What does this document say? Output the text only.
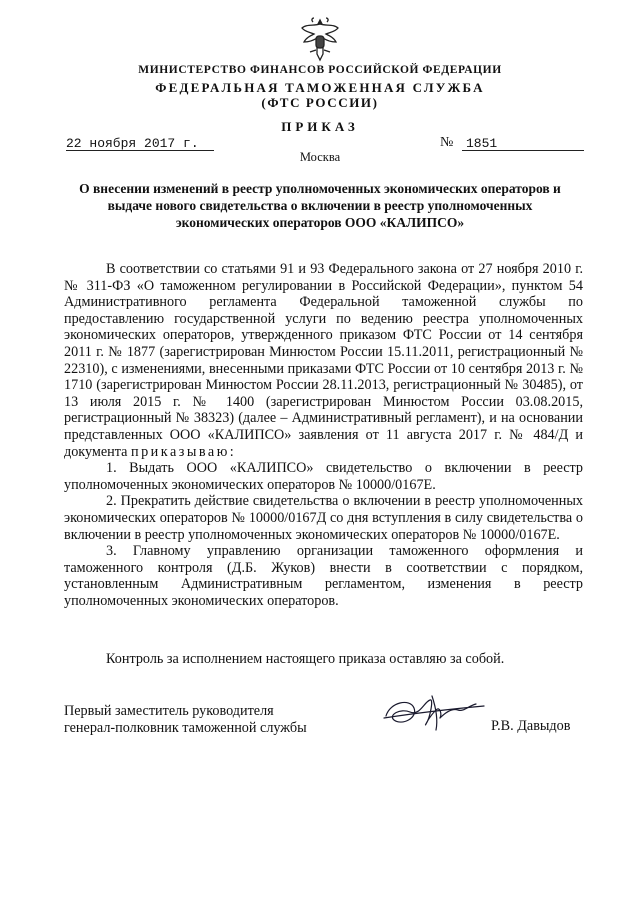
МИНИСТЕРСТВО ФИНАНСОВ РОССИЙСКОЙ ФЕДЕРАЦИИ
ФЕДЕРАЛЬНАЯ ТАМОЖЕННАЯ СЛУЖБА
(ФТС РОССИИ)
ПРИКАЗ
22 ноября 2017 г.	№ 1851
Москва
О внесении изменений в реестр уполномоченных экономических операторов и выдаче нового свидетельства о включении в реестр уполномоченных экономических операторов ООО «КАЛИПСО»

В соответствии со статьями 91 и 93 Федерального закона от 27 ноября 2010 г. № 311-ФЗ «О таможенном регулировании в Российской Федерации», пунктом 54 Административного регламента Федеральной таможенной службы по предоставлению государственной услуги по ведению реестра уполномоченных экономических операторов, утвержденного приказом ФТС России от 14 сентября 2011 г. № 1877 (зарегистрирован Минюстом России 15.11.2011, регистрационный № 22310), с изменениями, внесенными приказами ФТС России от 10 сентября 2013 г. № 1710 (зарегистрирован Минюстом России 28.11.2013, регистрационный № 30485), от 13 июля 2015 г. № 1400 (зарегистрирован Минюстом России 03.08.2015, регистрационный № 38323) (далее – Административный регламент), и на основании представленных ООО «КАЛИПСО» заявления от 11 августа 2017 г. № 484/Д и документа приказываю:

1. Выдать ООО «КАЛИПСО» свидетельство о включении в реестр уполномоченных экономических операторов № 10000/0167Е.

2. Прекратить действие свидетельства о включении в реестр уполномоченных экономических операторов № 10000/0167Д со дня вступления в силу свидетельства о включении в реестр уполномоченных экономических операторов № 10000/0167Е.

3. Главному управлению организации таможенного оформления и таможенного контроля (Д.Б. Жуков) внести в соответствии с порядком, установленным Административным регламентом, изменения в реестр уполномоченных экономических операторов.

Контроль за исполнением настоящего приказа оставляю за собой.
Первый заместитель руководителя
генерал-полковник таможенной службы	Р.В. Давыдов
